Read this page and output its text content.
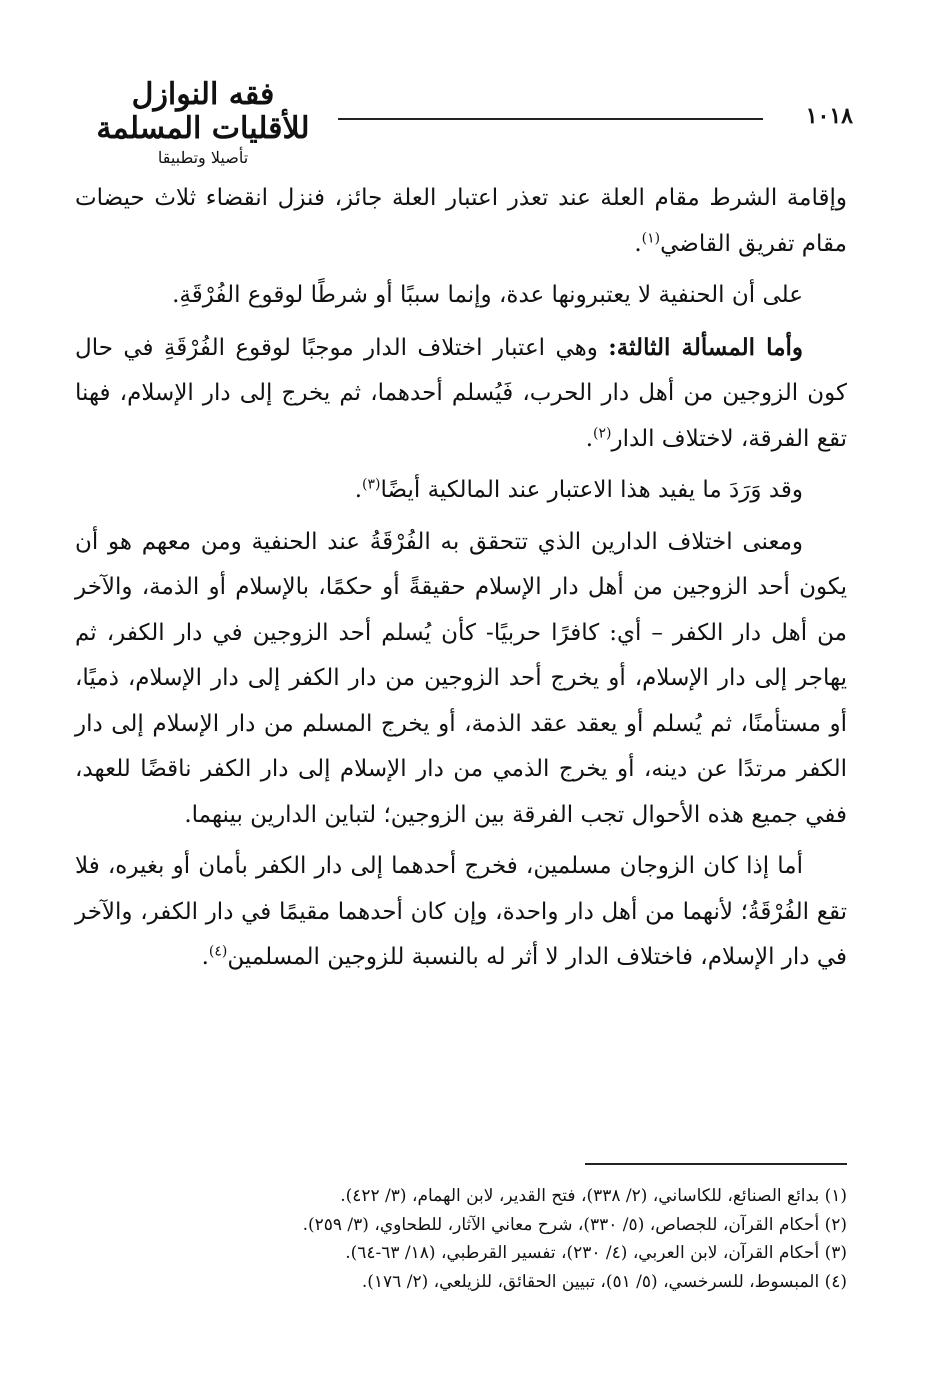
١٠١٨
فقه النوازل للأقليات المسلمة
تأصيلا وتطبيقا

وإقامة الشرط مقام العلة عند تعذر اعتبار العلة جائز، فنزل انقضاء ثلاث حيضات مقام تفريق القاضي$^{(١)}$.

على أن الحنفية لا يعتبرونها عدة، وإنما سببًا أو شرطًا لوقوع الفُرْقَةِ.

وأما المسألة الثالثة: وهي اعتبار اختلاف الدار موجبًا لوقوع الفُرْقَةِ في حال كون الزوجين من أهل دار الحرب، فَيُسلم أحدهما، ثم يخرج إلى دار الإسلام، فهنا تقع الفرقة، لاختلاف الدار$^{(٢)}$.

وقد وَرَدَ ما يفيد هذا الاعتبار عند المالكية أيضًا$^{(٣)}$.

ومعنى اختلاف الدارين الذي تتحقق به الفُرْقَةُ عند الحنفية ومن معهم هو أن يكون أحد الزوجين من أهل دار الإسلام حقيقةً أو حكمًا، بالإسلام أو الذمة، والآخر من أهل دار الكفر – أي: كافرًا حربيًا- كأن يُسلم أحد الزوجين في دار الكفر، ثم يهاجر إلى دار الإسلام، أو يخرج أحد الزوجين من دار الكفر إلى دار الإسلام، ذميًا، أو مستأمنًا، ثم يُسلم أو يعقد عقد الذمة، أو يخرج المسلم من دار الإسلام إلى دار الكفر مرتدًا عن دينه، أو يخرج الذمي من دار الإسلام إلى دار الكفر ناقضًا للعهد، ففي جميع هذه الأحوال تجب الفرقة بين الزوجين؛ لتباين الدارين بينهما.

أما إذا كان الزوجان مسلمين، فخرج أحدهما إلى دار الكفر بأمان أو بغيره، فلا تقع الفُرْقَةُ؛ لأنهما من أهل دار واحدة، وإن كان أحدهما مقيمًا في دار الكفر، والآخر في دار الإسلام، فاختلاف الدار لا أثر له بالنسبة للزوجين المسلمين$^{(٤)}$.

(١) بدائع الصنائع، للكاساني، (٢/ ٣٣٨)، فتح القدير، لابن الهمام، (٣/ ٤٢٢).

(٢) أحكام القرآن، للجصاص، (٥/ ٣٣٠)، شرح معاني الآثار، للطحاوي، (٣/ ٢٥٩).

(٣) أحكام القرآن، لابن العربي، (٤/ ٢٣٠)، تفسير القرطبي، (١٨/ ٦٣-٦٤).

(٤) المبسوط، للسرخسي، (٥/ ٥١)، تبيين الحقائق، للزيلعي، (٢/ ١٧٦).
